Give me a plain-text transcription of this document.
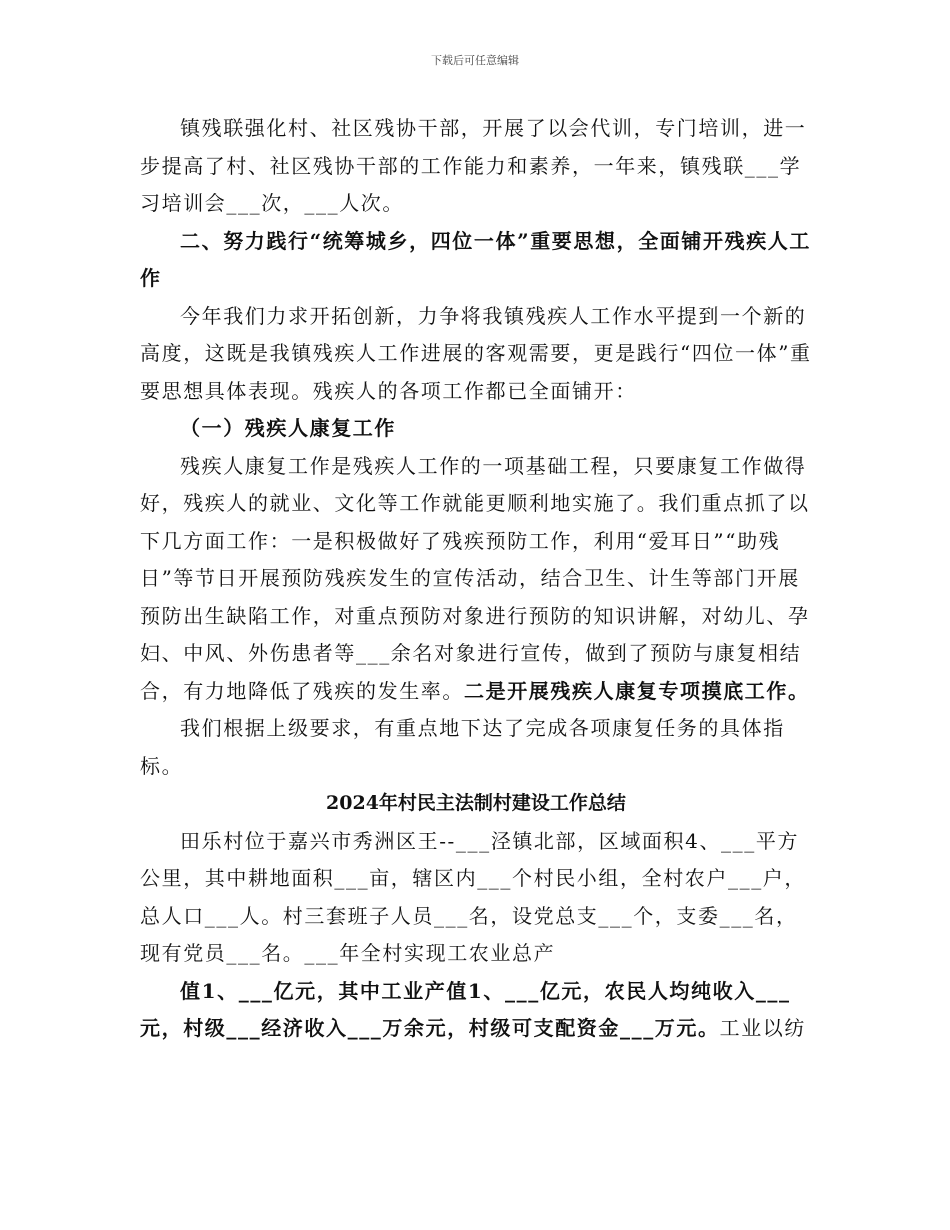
下载后可任意编辑

镇残联强化村、社区残协干部，开展了以会代训，专门培训，进一步提高了村、社区残协干部的工作能力和素养，一年来，镇残联___学习培训会___次，___人次。

二、努力践行“统筹城乡，四位一体”重要思想，全面铺开残疾人工作

今年我们力求开拓创新，力争将我镇残疾人工作水平提到一个新的高度，这既是我镇残疾人工作进展的客观需要，更是践行“四位一体”重要思想具体表现。残疾人的各项工作都已全面铺开：

（一）残疾人康复工作

残疾人康复工作是残疾人工作的一项基础工程，只要康复工作做得好，残疾人的就业、文化等工作就能更顺利地实施了。我们重点抓了以下几方面工作：一是积极做好了残疾预防工作，利用“爱耳日”“助残日”等节日开展预防残疾发生的宣传活动，结合卫生、计生等部门开展预防出生缺陷工作，对重点预防对象进行预防的知识讲解，对幼儿、孕妇、中风、外伤患者等___余名对象进行宣传，做到了预防与康复相结合，有力地降低了残疾的发生率。二是开展残疾人康复专项摸底工作。

我们根据上级要求，有重点地下达了完成各项康复任务的具体指标。

2024年村民主法制村建设工作总结

田乐村位于嘉兴市秀洲区王--___泾镇北部，区域面积4、___平方公里，其中耕地面积___亩，辖区内___个村民小组，全村农户___户，总人口___人。村三套班子人员___名，设党总支___个，支委___名，现有党员___名。___年全村实现工农业总产

值1、___亿元，其中工业产值1、___亿元，农民人均纯收入___元，村级___经济收入___万余元，村级可支配资金___万元。工业以纺
